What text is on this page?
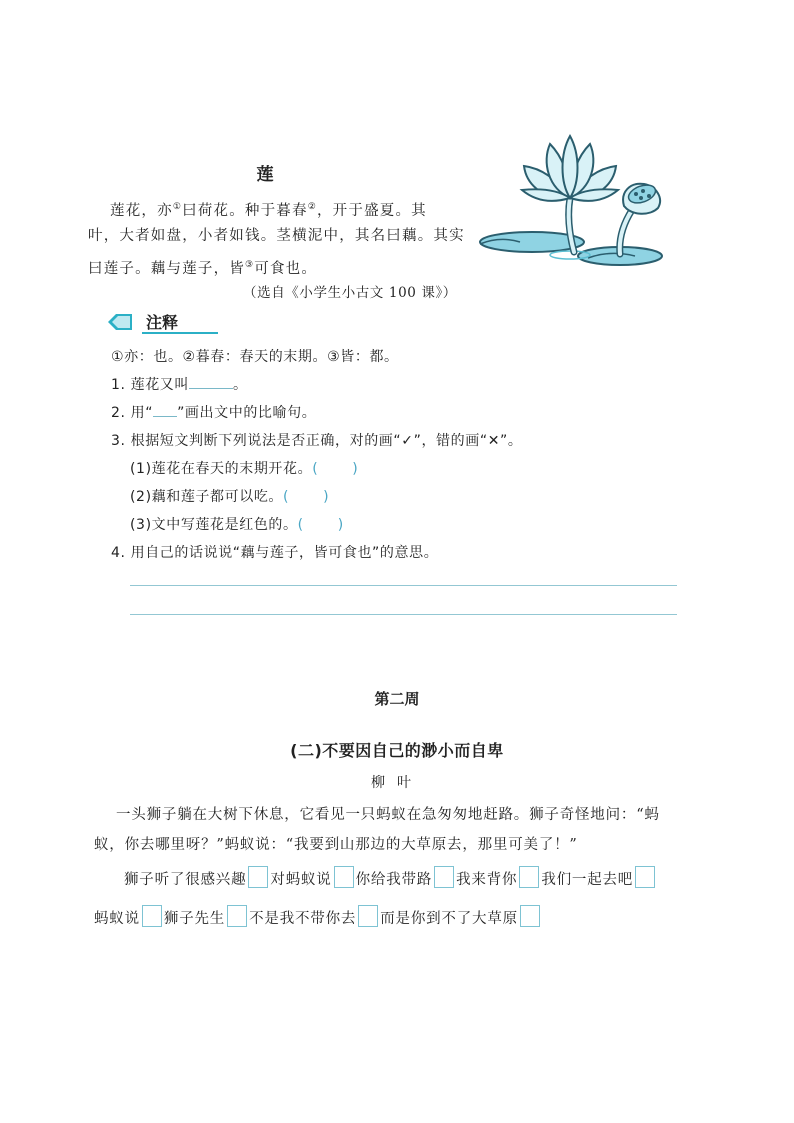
莲
莲花，亦①曰荷花。种于暮春②，开于盛夏。其
叶，大者如盘，小者如钱。茎横泥中，其名曰藕。其实
曰莲子。藕与莲子，皆③可食也。
（选自《小学生小古文 100 课》）
注释
①亦：也。②暮春：春天的末期。③皆：都。
1. 莲花又叫	。
2. 用“ ”画出文中的比喻句。
3. 根据短文判断下列说法是否正确，对的画“✓”，错的画“✕”。
(1)莲花在春天的末期开花。( )
(2)藕和莲子都可以吃。( )
(3)文中写莲花是红色的。( )
4. 用自己的话说说“藕与莲子，皆可食也”的意思。
第二周
(二)不要因自己的渺小而自卑
柳叶
一头狮子躺在大树下休息，它看见一只蚂蚁在急匆匆地赶路。狮子奇怪地问：“蚂
蚁，你去哪里呀？”蚂蚁说：“我要到山那边的大草原去，那里可美了！”
狮子听了很感兴趣 对蚂蚁说 你给我带路 我来背你 我们一起去吧
蚂蚁说 狮子先生 不是我不带你去 而是你到不了大草原
